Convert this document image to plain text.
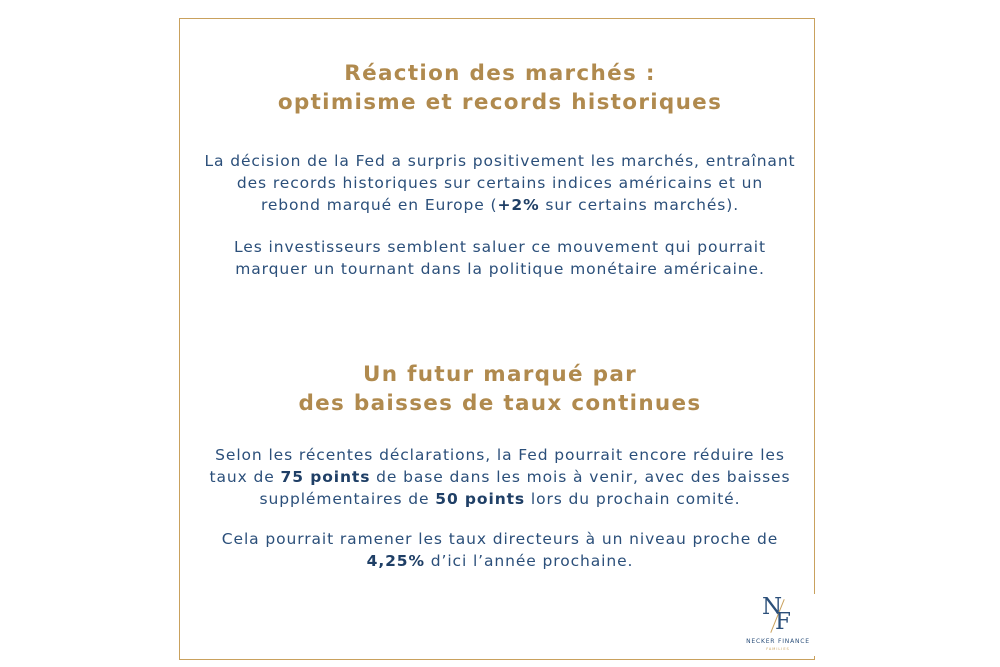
Réaction des marchés :
optimisme et records historiques

La décision de la Fed a surpris positivement les marchés, entraînant
des records historiques sur certains indices américains et un
rebond marqué en Europe (+2% sur certains marchés).

Les investisseurs semblent saluer ce mouvement qui pourrait
marquer un tournant dans la politique monétaire américaine.

Un futur marqué par
des baisses de taux continues

Selon les récentes déclarations, la Fed pourrait encore réduire les
taux de 75 points de base dans les mois à venir, avec des baisses
supplémentaires de 50 points lors du prochain comité.

Cela pourrait ramener les taux directeurs à un niveau proche de
4,25% d’ici l’année prochaine.

N
F
NECKER FINANCE
FAMILIES
